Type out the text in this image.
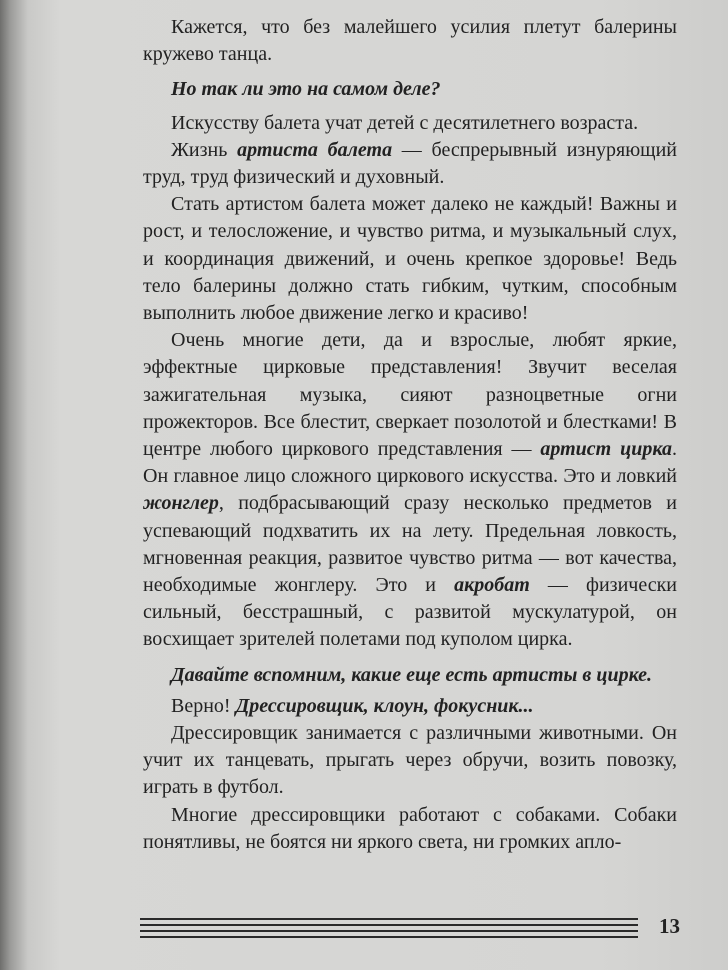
Кажется, что без малейшего усилия плетут балерины кружево танца.

Но так ли это на самом деле?

Искусству балета учат детей с десятилетнего возраста.

Жизнь артиста балета — беспрерывный изнуряющий труд, труд физический и духовный.

Стать артистом балета может далеко не каждый! Важны и рост, и телосложение, и чувство ритма, и музыкальный слух, и координация движений, и очень крепкое здоровье! Ведь тело балерины должно стать гибким, чутким, способным выполнить любое движение легко и красиво!

Очень многие дети, да и взрослые, любят яркие, эффектные цирковые представления! Звучит веселая зажигательная музыка, сияют разноцветные огни прожекторов. Все блестит, сверкает позолотой и блестками! В центре любого циркового представления — артист цирка. Он главное лицо сложного циркового искусства. Это и ловкий жонглер, подбрасывающий сразу несколько предметов и успевающий подхватить их на лету. Предельная ловкость, мгновенная реакция, развитое чувство ритма — вот качества, необходимые жонглеру. Это и акробат — физически сильный, бесстрашный, с развитой мускулатурой, он восхищает зрителей полетами под куполом цирка.

Давайте вспомним, какие еще есть артисты в цирке.

Верно! Дрессировщик, клоун, фокусник...

Дрессировщик занимается с различными животными. Он учит их танцевать, прыгать через обручи, возить повозку, играть в футбол.

Многие дрессировщики работают с собаками. Собаки понятливы, не боятся ни яркого света, ни громких апло-

13
